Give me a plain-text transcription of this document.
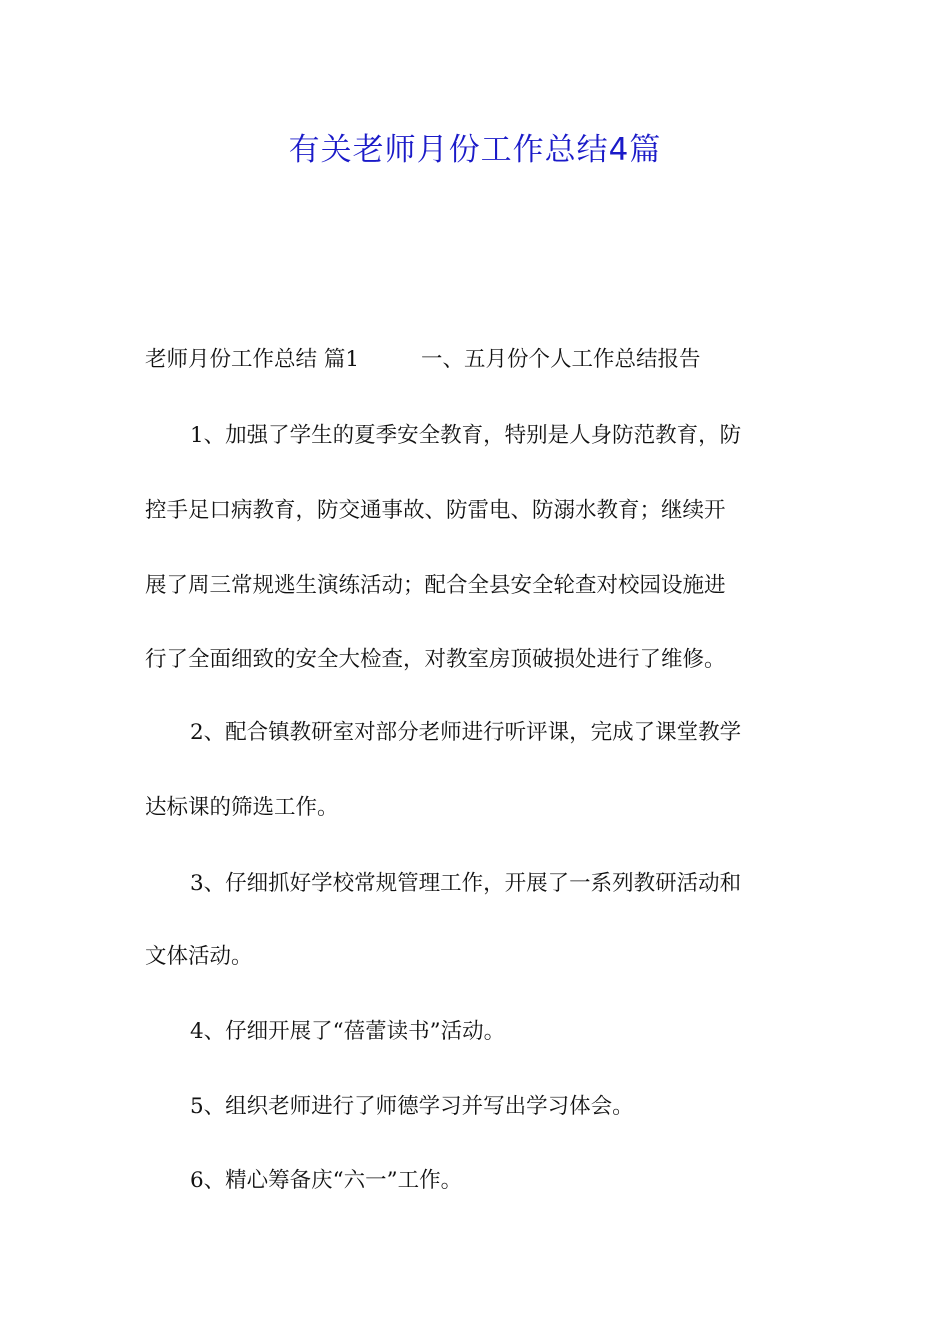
有关老师月份工作总结4篇
老师月份工作总结 篇1	一、五月份个人工作总结报告
1、加强了学生的夏季安全教育，特别是人身防范教育，防
控手足口病教育，防交通事故、防雷电、防溺水教育；继续开
展了周三常规逃生演练活动；配合全县安全轮查对校园设施进
行了全面细致的安全大检查，对教室房顶破损处进行了维修。
2、配合镇教研室对部分老师进行听评课，完成了课堂教学
达标课的筛选工作。
3、仔细抓好学校常规管理工作，开展了一系列教研活动和
文体活动。
4、仔细开展了“蓓蕾读书”活动。
5、组织老师进行了师德学习并写出学习体会。
6、精心筹备庆“六一”工作。
